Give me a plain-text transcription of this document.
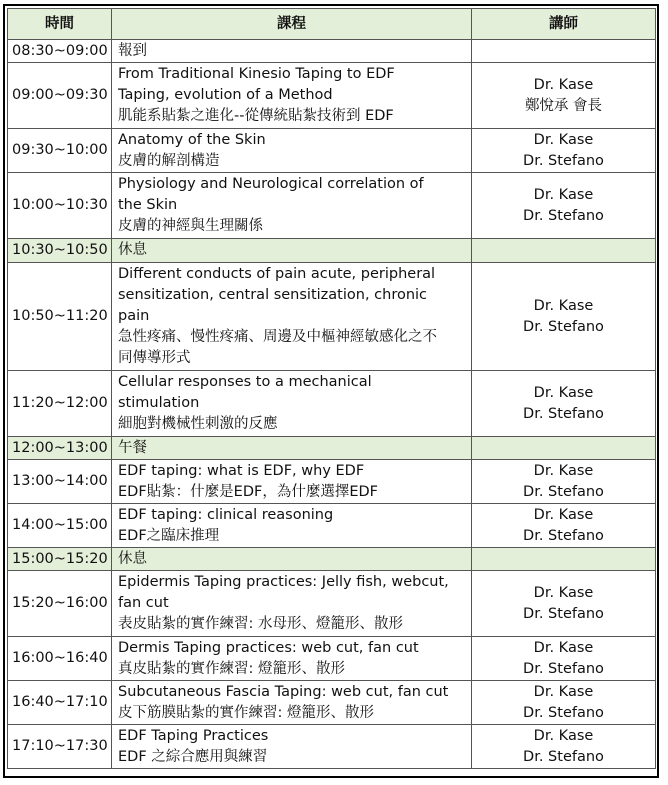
時間	課程	講師
08:30~09:00	報到	

09:00~09:30	From Traditional Kinesio Taping to EDF
Taping, evolution of a Method
肌能系貼紮之進化--從傳統貼紮技術到 EDF	Dr. Kase
鄭悅承 會長

09:30~10:00	Anatomy of the Skin
皮膚的解剖構造	Dr. Kase
Dr. Stefano

10:00~10:30	Physiology and Neurological correlation of
the Skin
皮膚的神經與生理關係	Dr. Kase
Dr. Stefano

10:30~10:50	休息	

10:50~11:20	Different conducts of pain acute, peripheral
sensitization, central sensitization, chronic
pain
急性疼痛、慢性疼痛、周邊及中樞神經敏感化之不
同傳導形式	Dr. Kase
Dr. Stefano

11:20~12:00	Cellular responses to a mechanical
stimulation
細胞對機械性刺激的反應	Dr. Kase
Dr. Stefano

12:00~13:00	午餐	

13:00~14:00	EDF taping: what is EDF, why EDF
EDF貼紮：什麼是EDF，為什麼選擇EDF	Dr. Kase
Dr. Stefano

14:00~15:00	EDF taping: clinical reasoning
EDF之臨床推理	Dr. Kase
Dr. Stefano

15:00~15:20	休息	

15:20~16:00	Epidermis Taping practices: Jelly fish, webcut,
fan cut
表皮貼紮的實作練習: 水母形、燈籠形、散形	Dr. Kase
Dr. Stefano

16:00~16:40	Dermis Taping practices: web cut, fan cut
真皮貼紮的實作練習: 燈籠形、散形	Dr. Kase
Dr. Stefano

16:40~17:10	Subcutaneous Fascia Taping: web cut, fan cut
皮下筋膜貼紮的實作練習: 燈籠形、散形	Dr. Kase
Dr. Stefano

17:10~17:30	EDF Taping Practices
EDF 之綜合應用與練習	Dr. Kase
Dr. Stefano
